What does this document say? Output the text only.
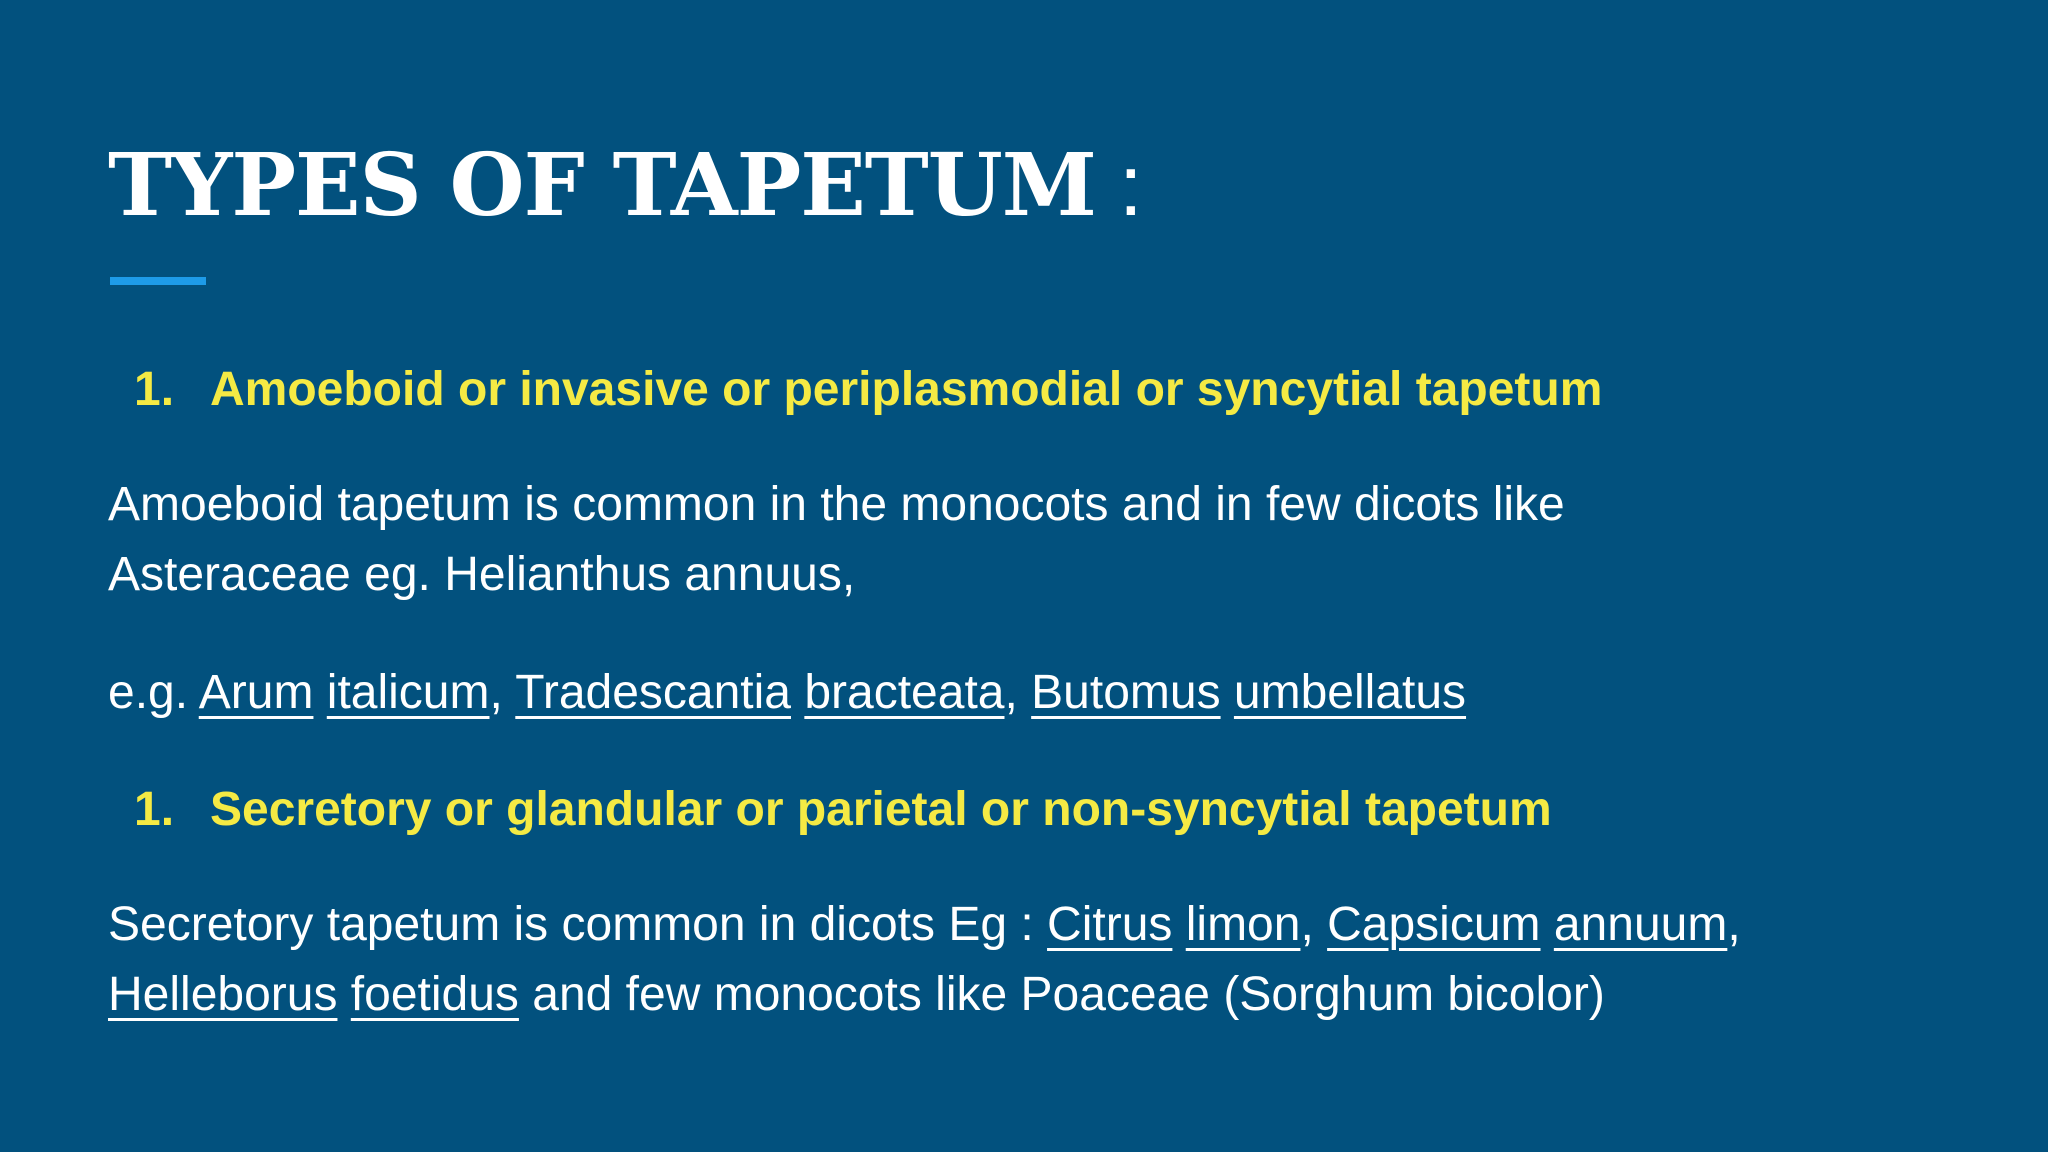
TYPES OF TAPETUM :
1. Amoeboid or invasive or periplasmodial or syncytial tapetum
Amoeboid tapetum is common in the monocots and in few dicots like
Asteraceae eg. Helianthus annuus,
e.g. Arum italicum, Tradescantia bracteata, Butomus umbellatus
1. Secretory or glandular or parietal or non-syncytial tapetum
Secretory tapetum is common in dicots Eg : Citrus limon, Capsicum annuum,
Helleborus foetidus and few monocots like Poaceae (Sorghum bicolor)
